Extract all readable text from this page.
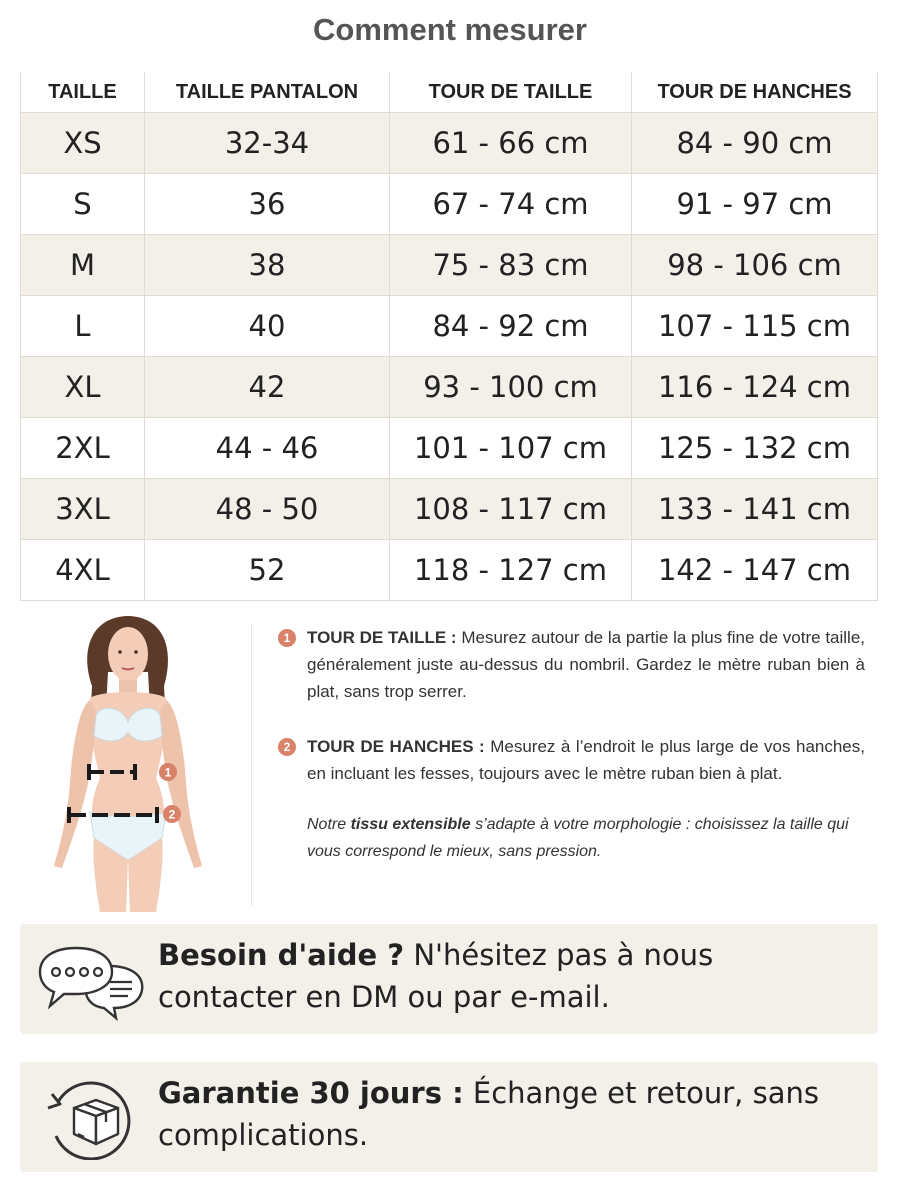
Comment mesurer
TAILLE	TAILLE PANTALON	TOUR DE TAILLE	TOUR DE HANCHES
XS	32-34	61 - 66 cm	84 - 90 cm
S	36	67 - 74 cm	91 - 97 cm
M	38	75 - 83 cm	98 - 106 cm
L	40	84 - 92 cm	107 - 115 cm
XL	42	93 - 100 cm	116 - 124 cm
2XL	44 - 46	101 - 107 cm	125 - 132 cm
3XL	48 - 50	108 - 117 cm	133 - 141 cm
4XL	52	118 - 127 cm	142 - 147 cm
1
2

1 TOUR DE TAILLE : Mesurez autour de la partie la plus fine de votre taille, généralement juste au-dessus du nombril. Gardez le mètre ruban bien à plat, sans trop serrer.

2 TOUR DE HANCHES : Mesurez à l’endroit le plus large de vos hanches, en incluant les fesses, toujours avec le mètre ruban bien à plat.

Notre tissu extensible s’adapte à votre morphologie : choisissez la taille qui vous correspond le mieux, sans pression.

Besoin d'aide ? N'hésitez pas à nous contacter en DM ou par e-mail.
Garantie 30 jours : Échange et retour, sans complications.
